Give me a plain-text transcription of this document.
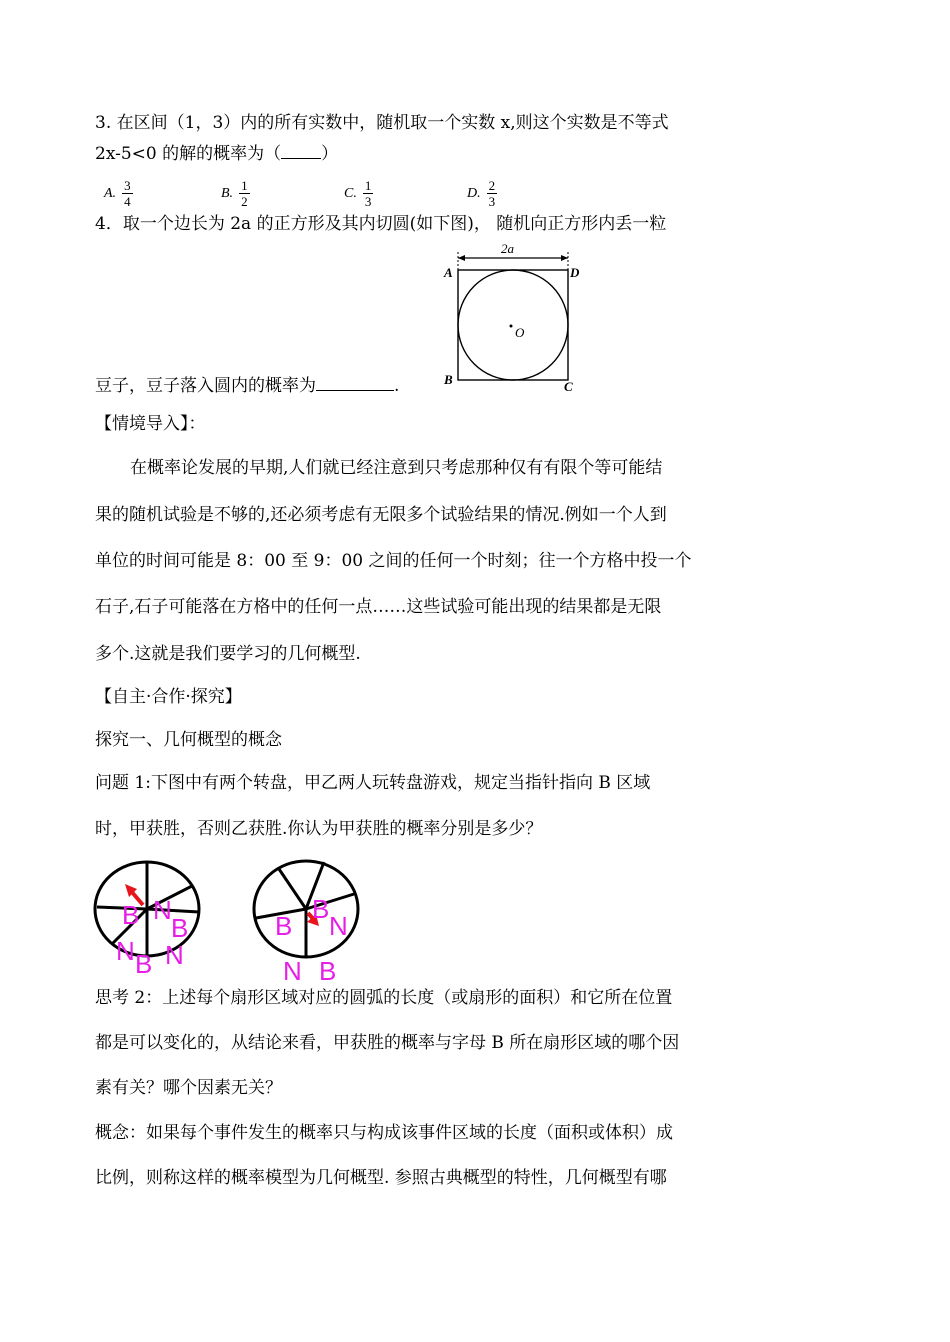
3. 在区间（1，3）内的所有实数中，随机取一个实数 x,则这个实数是不等式
2x-5<0 的解的概率为（ ）
A. $\frac{3}{4}$	B. $\frac{1}{2}$	C. $\frac{1}{3}$	D. $\frac{2}{3}$
4．取一个边长为 2a 的正方形及其内切圆(如下图)， 随机向正方形内丢一粒
2a
O
A	D
B	C
豆子，豆子落入圆内的概率为	.
【情境导入】：
在概率论发展的早期,人们就已经注意到只考虑那种仅有有限个等可能结
果的随机试验是不够的,还必须考虑有无限多个试验结果的情况.例如一个人到
单位的时间可能是 8：00 至 9：00 之间的任何一个时刻；往一个方格中投一个
石子,石子可能落在方格中的任何一点……这些试验可能出现的结果都是无限
多个.这就是我们要学习的几何概型.
【自主·合作·探究】
探究一、几何概型的概念
问题 1:下图中有两个转盘，甲乙两人玩转盘游戏，规定当指针指向 B 区域
时，甲获胜，否则乙获胜.你认为甲获胜的概率分别是多少？
B N
B
N B N
B
B
N
N B
思考 2：上述每个扇形区域对应的圆弧的长度（或扇形的面积）和它所在位置
都是可以变化的，从结论来看，甲获胜的概率与字母 B 所在扇形区域的哪个因
素有关？哪个因素无关？
概念：如果每个事件发生的概率只与构成该事件区域的长度（面积或体积）成
比例，则称这样的概率模型为几何概型. 参照古典概型的特性，几何概型有哪
